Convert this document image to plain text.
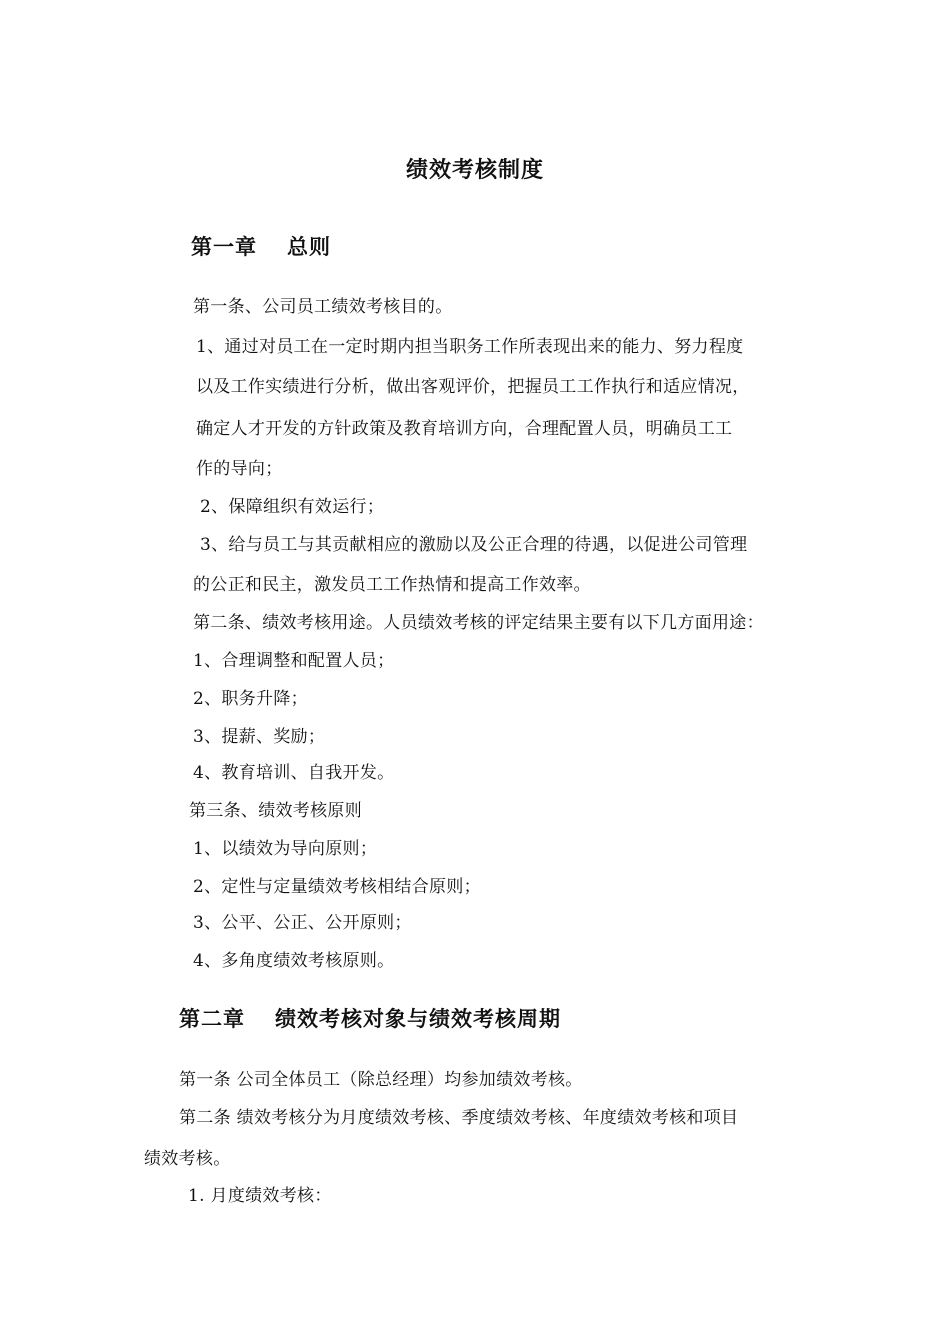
绩效考核制度
第一章 总则
第一条、公司员工绩效考核目的。
1、通过对员工在一定时期内担当职务工作所表现出来的能力、努力程度
以及工作实绩进行分析，做出客观评价，把握员工工作执行和适应情况，
确定人才开发的方针政策及教育培训方向，合理配置人员，明确员工工
作的导向；
2、保障组织有效运行；
3、给与员工与其贡献相应的激励以及公正合理的待遇，以促进公司管理
的公正和民主，激发员工工作热情和提高工作效率。
第二条、绩效考核用途。人员绩效考核的评定结果主要有以下几方面用途：
1、合理调整和配置人员；
2、职务升降；
3、提薪、奖励；
4、教育培训、自我开发。
第三条、绩效考核原则
1、以绩效为导向原则；
2、定性与定量绩效考核相结合原则；
3、公平、公正、公开原则；
4、多角度绩效考核原则。
第二章 绩效考核对象与绩效考核周期
第一条 公司全体员工（除总经理）均参加绩效考核。
第二条 绩效考核分为月度绩效考核、季度绩效考核、年度绩效考核和项目
绩效考核。
1. 月度绩效考核：
